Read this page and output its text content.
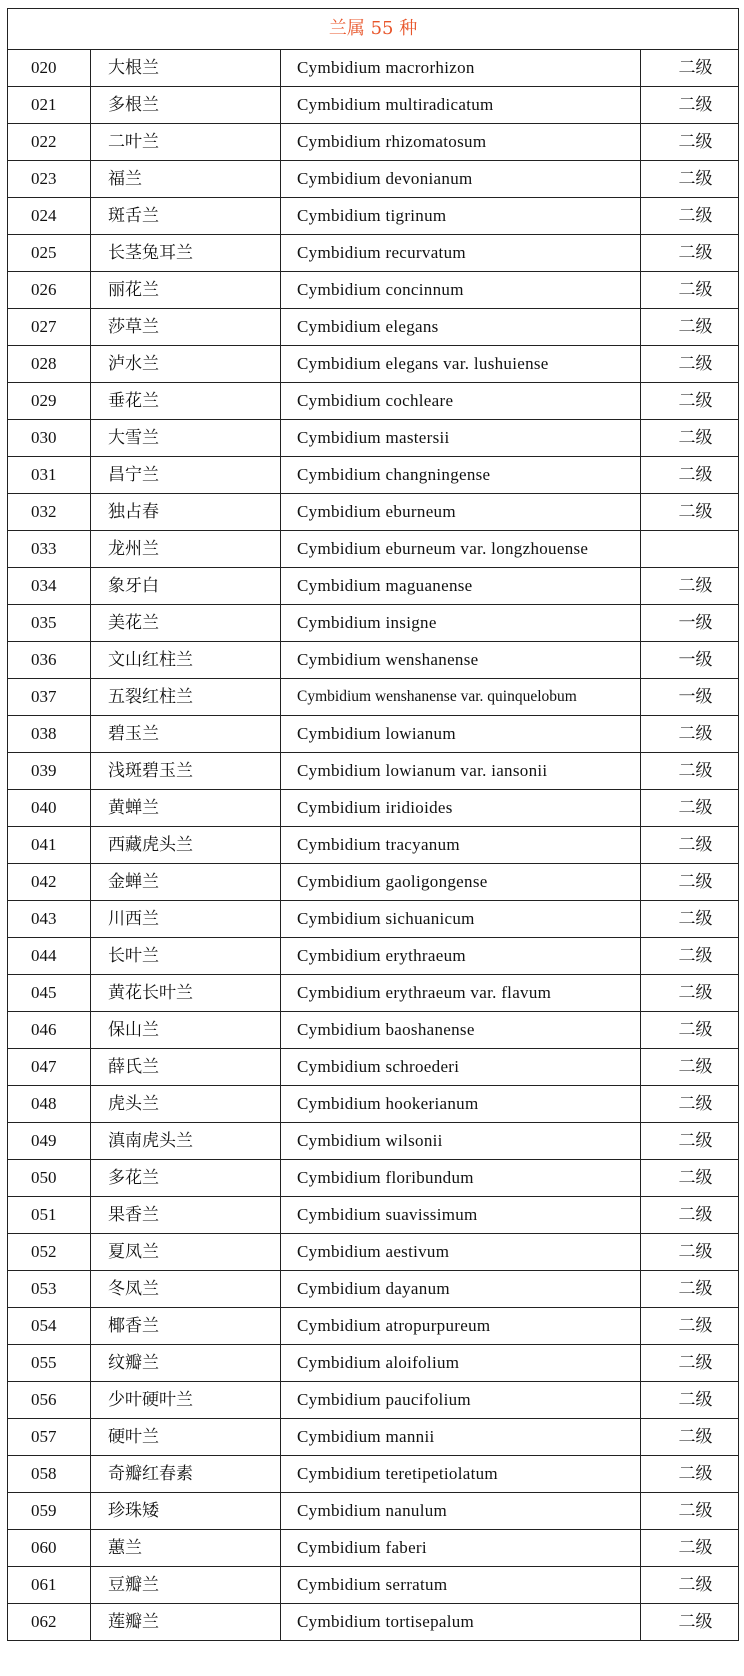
兰属 55 种			
020	大根兰	Cymbidium macrorhizon	二级
021	多根兰	Cymbidium multiradicatum	二级
022	二叶兰	Cymbidium rhizomatosum	二级
023	福兰	Cymbidium devonianum	二级
024	斑舌兰	Cymbidium tigrinum	二级
025	长茎兔耳兰	Cymbidium recurvatum	二级
026	丽花兰	Cymbidium concinnum	二级
027	莎草兰	Cymbidium elegans	二级
028	泸水兰	Cymbidium elegans var. lushuiense	二级
029	垂花兰	Cymbidium cochleare	二级
030	大雪兰	Cymbidium mastersii	二级
031	昌宁兰	Cymbidium changningense	二级
032	独占春	Cymbidium eburneum	二级
033	龙州兰	Cymbidium eburneum var. longzhouense	
034	象牙白	Cymbidium maguanense	二级
035	美花兰	Cymbidium insigne	一级
036	文山红柱兰	Cymbidium wenshanense	一级
037	五裂红柱兰	Cymbidium wenshanense var. quinquelobum	一级
038	碧玉兰	Cymbidium lowianum	二级
039	浅斑碧玉兰	Cymbidium lowianum var. iansonii	二级
040	黄蝉兰	Cymbidium iridioides	二级
041	西藏虎头兰	Cymbidium tracyanum	二级
042	金蝉兰	Cymbidium gaoligongense	二级
043	川西兰	Cymbidium sichuanicum	二级
044	长叶兰	Cymbidium erythraeum	二级
045	黄花长叶兰	Cymbidium erythraeum var. flavum	二级
046	保山兰	Cymbidium baoshanense	二级
047	薛氏兰	Cymbidium schroederi	二级
048	虎头兰	Cymbidium hookerianum	二级
049	滇南虎头兰	Cymbidium wilsonii	二级
050	多花兰	Cymbidium floribundum	二级
051	果香兰	Cymbidium suavissimum	二级
052	夏凤兰	Cymbidium aestivum	二级
053	冬凤兰	Cymbidium dayanum	二级
054	椰香兰	Cymbidium atropurpureum	二级
055	纹瓣兰	Cymbidium aloifolium	二级
056	少叶硬叶兰	Cymbidium paucifolium	二级
057	硬叶兰	Cymbidium mannii	二级
058	奇瓣红春素	Cymbidium teretipetiolatum	二级
059	珍珠矮	Cymbidium nanulum	二级
060	蕙兰	Cymbidium faberi	二级
061	豆瓣兰	Cymbidium serratum	二级
062	莲瓣兰	Cymbidium tortisepalum	二级
